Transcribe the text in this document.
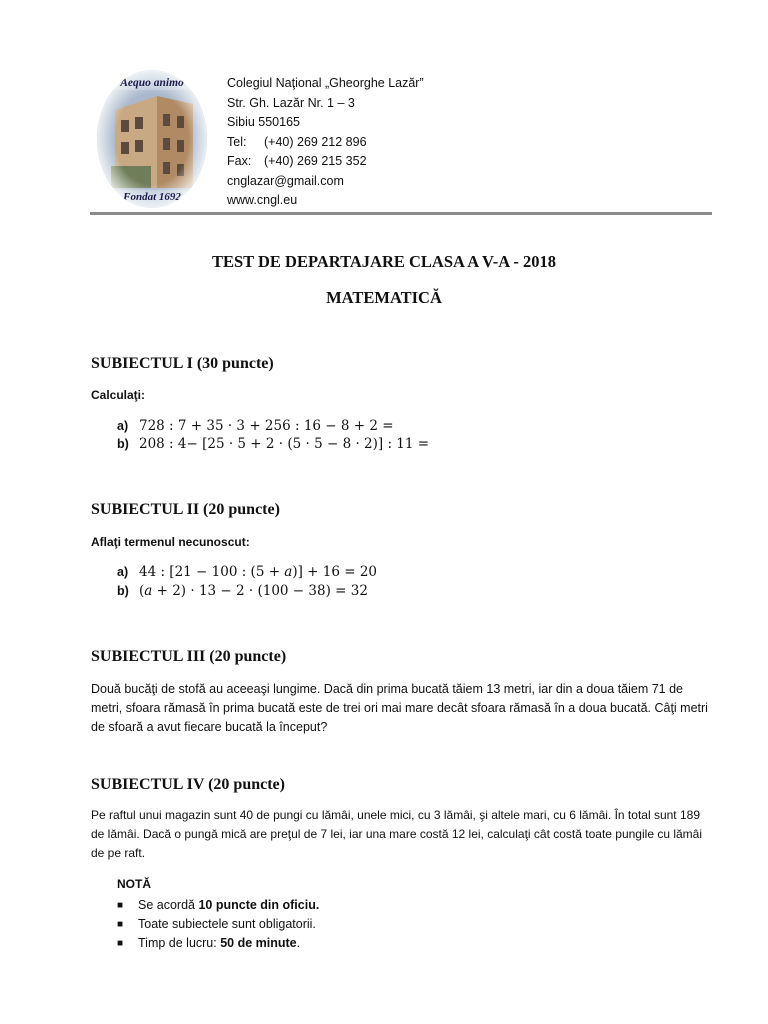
Aequo animo
Fondat 1692
Colegiul Naţional „Gheorghe Lazăr”
Str. Gh. Lazăr Nr. 1 – 3
Sibiu 550165
Tel: (+40) 269 212 896
Fax: (+40) 269 215 352
cnglazar@gmail.com
www.cngl.eu
TEST DE DEPARTAJARE CLASA A V-A - 2018
MATEMATICĂ
SUBIECTUL I (30 puncte)
Calculaţi:
a) 728 : 7 + 35 · 3 + 256 : 16 − 8 + 2 =
b) 208 : 4− [25 · 5 + 2 · (5 · 5 − 8 · 2)] : 11 =
SUBIECTUL II (20 puncte)
Aflaţi termenul necunoscut:
a) 44 : [21 − 100 : (5 + 𝑎)] + 16 = 20
b) (𝑎 + 2) · 13 − 2 · (100 − 38) = 32
SUBIECTUL III (20 puncte)
Două bucăţi de stofă au aceeaşi lungime. Dacă din prima bucată tăiem 13 metri, iar din a doua tăiem 71 de metri, sfoara rămasă în prima bucată este de trei ori mai mare decât sfoara rămasă în a doua bucată. Câţi metri de sfoară a avut fiecare bucată la început?
SUBIECTUL IV (20 puncte)
Pe raftul unui magazin sunt 40 de pungi cu lămâi, unele mici, cu 3 lămâi, şi altele mari, cu 6 lămâi. În total sunt 189 de lămâi. Dacă o pungă mică are preţul de 7 lei, iar una mare costă 12 lei, calculaţi cât costă toate pungile cu lămâi de pe raft.
NOTĂ
■ Se acordă 10 puncte din oficiu.
■ Toate subiectele sunt obligatorii.
■ Timp de lucru: 50 de minute.
